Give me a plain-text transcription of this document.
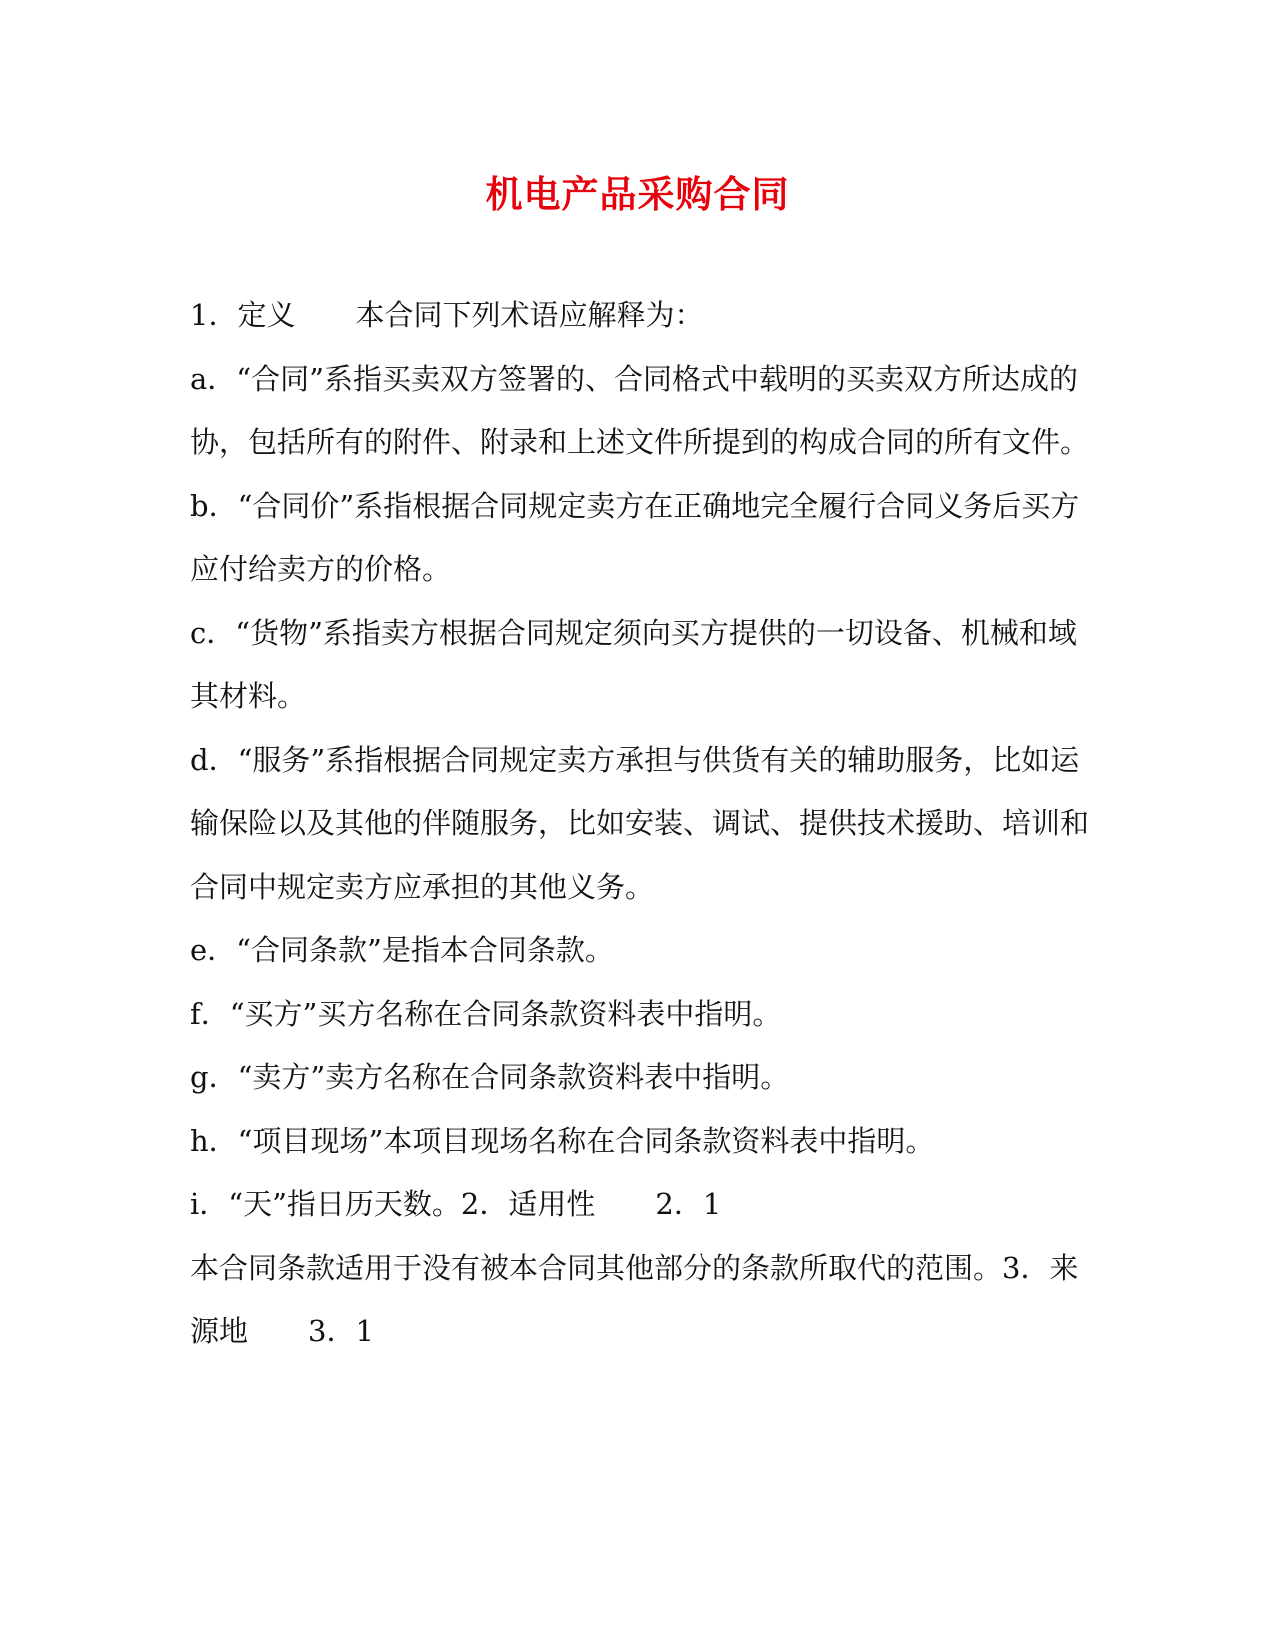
机电产品采购合同

1．定义 本合同下列术语应解释为：

a．“合同”系指买卖双方签署的、合同格式中载明的买卖双方所达成的协，包括所有的附件、附录和上述文件所提到的构成合同的所有文件。

b．“合同价”系指根据合同规定卖方在正确地完全履行合同义务后买方应付给卖方的价格。

c．“货物”系指卖方根据合同规定须向买方提供的一切设备、机械和域其材料。

d．“服务”系指根据合同规定卖方承担与供货有关的辅助服务，比如运输保险以及其他的伴随服务，比如安装、调试、提供技术援助、培训和合同中规定卖方应承担的其他义务。

e．“合同条款”是指本合同条款。

f．“买方”买方名称在合同条款资料表中指明。

g．“卖方”卖方名称在合同条款资料表中指明。

h．“项目现场”本项目现场名称在合同条款资料表中指明。

i．“天”指日历天数。2．适用性 2．1

本合同条款适用于没有被本合同其他部分的条款所取代的范围。3．来

源地 3．1
